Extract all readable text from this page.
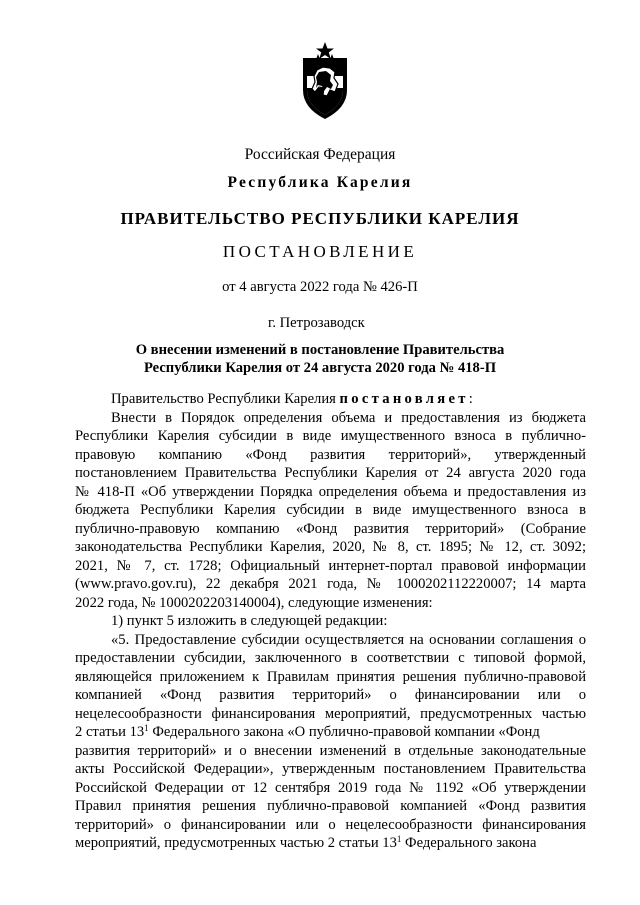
Российская Федерация
Республика Карелия
ПРАВИТЕЛЬСТВО РЕСПУБЛИКИ КАРЕЛИЯ
ПОСТАНОВЛЕНИЕ
от 4 августа 2022 года № 426-П
г. Петрозаводск
О внесении изменений в постановление Правительства
Республики Карелия от 24 августа 2020 года № 418-П
Правительство Республики Карелия постановляет:
Внести в Порядок определения объема и предоставления из бюджета
Республики Карелия субсидии в виде имущественного взноса в публично-
правовую компанию «Фонд развития территорий», утвержденный
постановлением Правительства Республики Карелия от 24 августа 2020 года
№ 418-П «Об утверждении Порядка определения объема и предоставления из
бюджета Республики Карелия субсидии в виде имущественного взноса в
публично-правовую компанию «Фонд развития территорий» (Собрание
законодательства Республики Карелия, 2020, № 8, ст. 1895; № 12, ст. 3092;
2021, № 7, ст. 1728; Официальный интернет-портал правовой информации
(www.pravo.gov.ru), 22 декабря 2021 года, № 1000202112220007; 14 марта
2022 года, № 1000202203140004), следующие изменения:
1) пункт 5 изложить в следующей редакции:
«5. Предоставление субсидии осуществляется на основании соглашения о
предоставлении субсидии, заключенного в соответствии с типовой формой,
являющейся приложением к Правилам принятия решения публично-правовой
компанией «Фонд развития территорий» о финансировании или о
нецелесообразности финансирования мероприятий, предусмотренных частью
2 статьи $13^1$ Федерального закона «О публично-правовой компании «Фонд
развития территорий» и о внесении изменений в отдельные законодательные
акты Российской Федерации», утвержденным постановлением Правительства
Российской Федерации от 12 сентября 2019 года № 1192 «Об утверждении
Правил принятия решения публично-правовой компанией «Фонд развития
территорий» о финансировании или о нецелесообразности финансирования
мероприятий, предусмотренных частью 2 статьи $13^1$ Федерального закона
